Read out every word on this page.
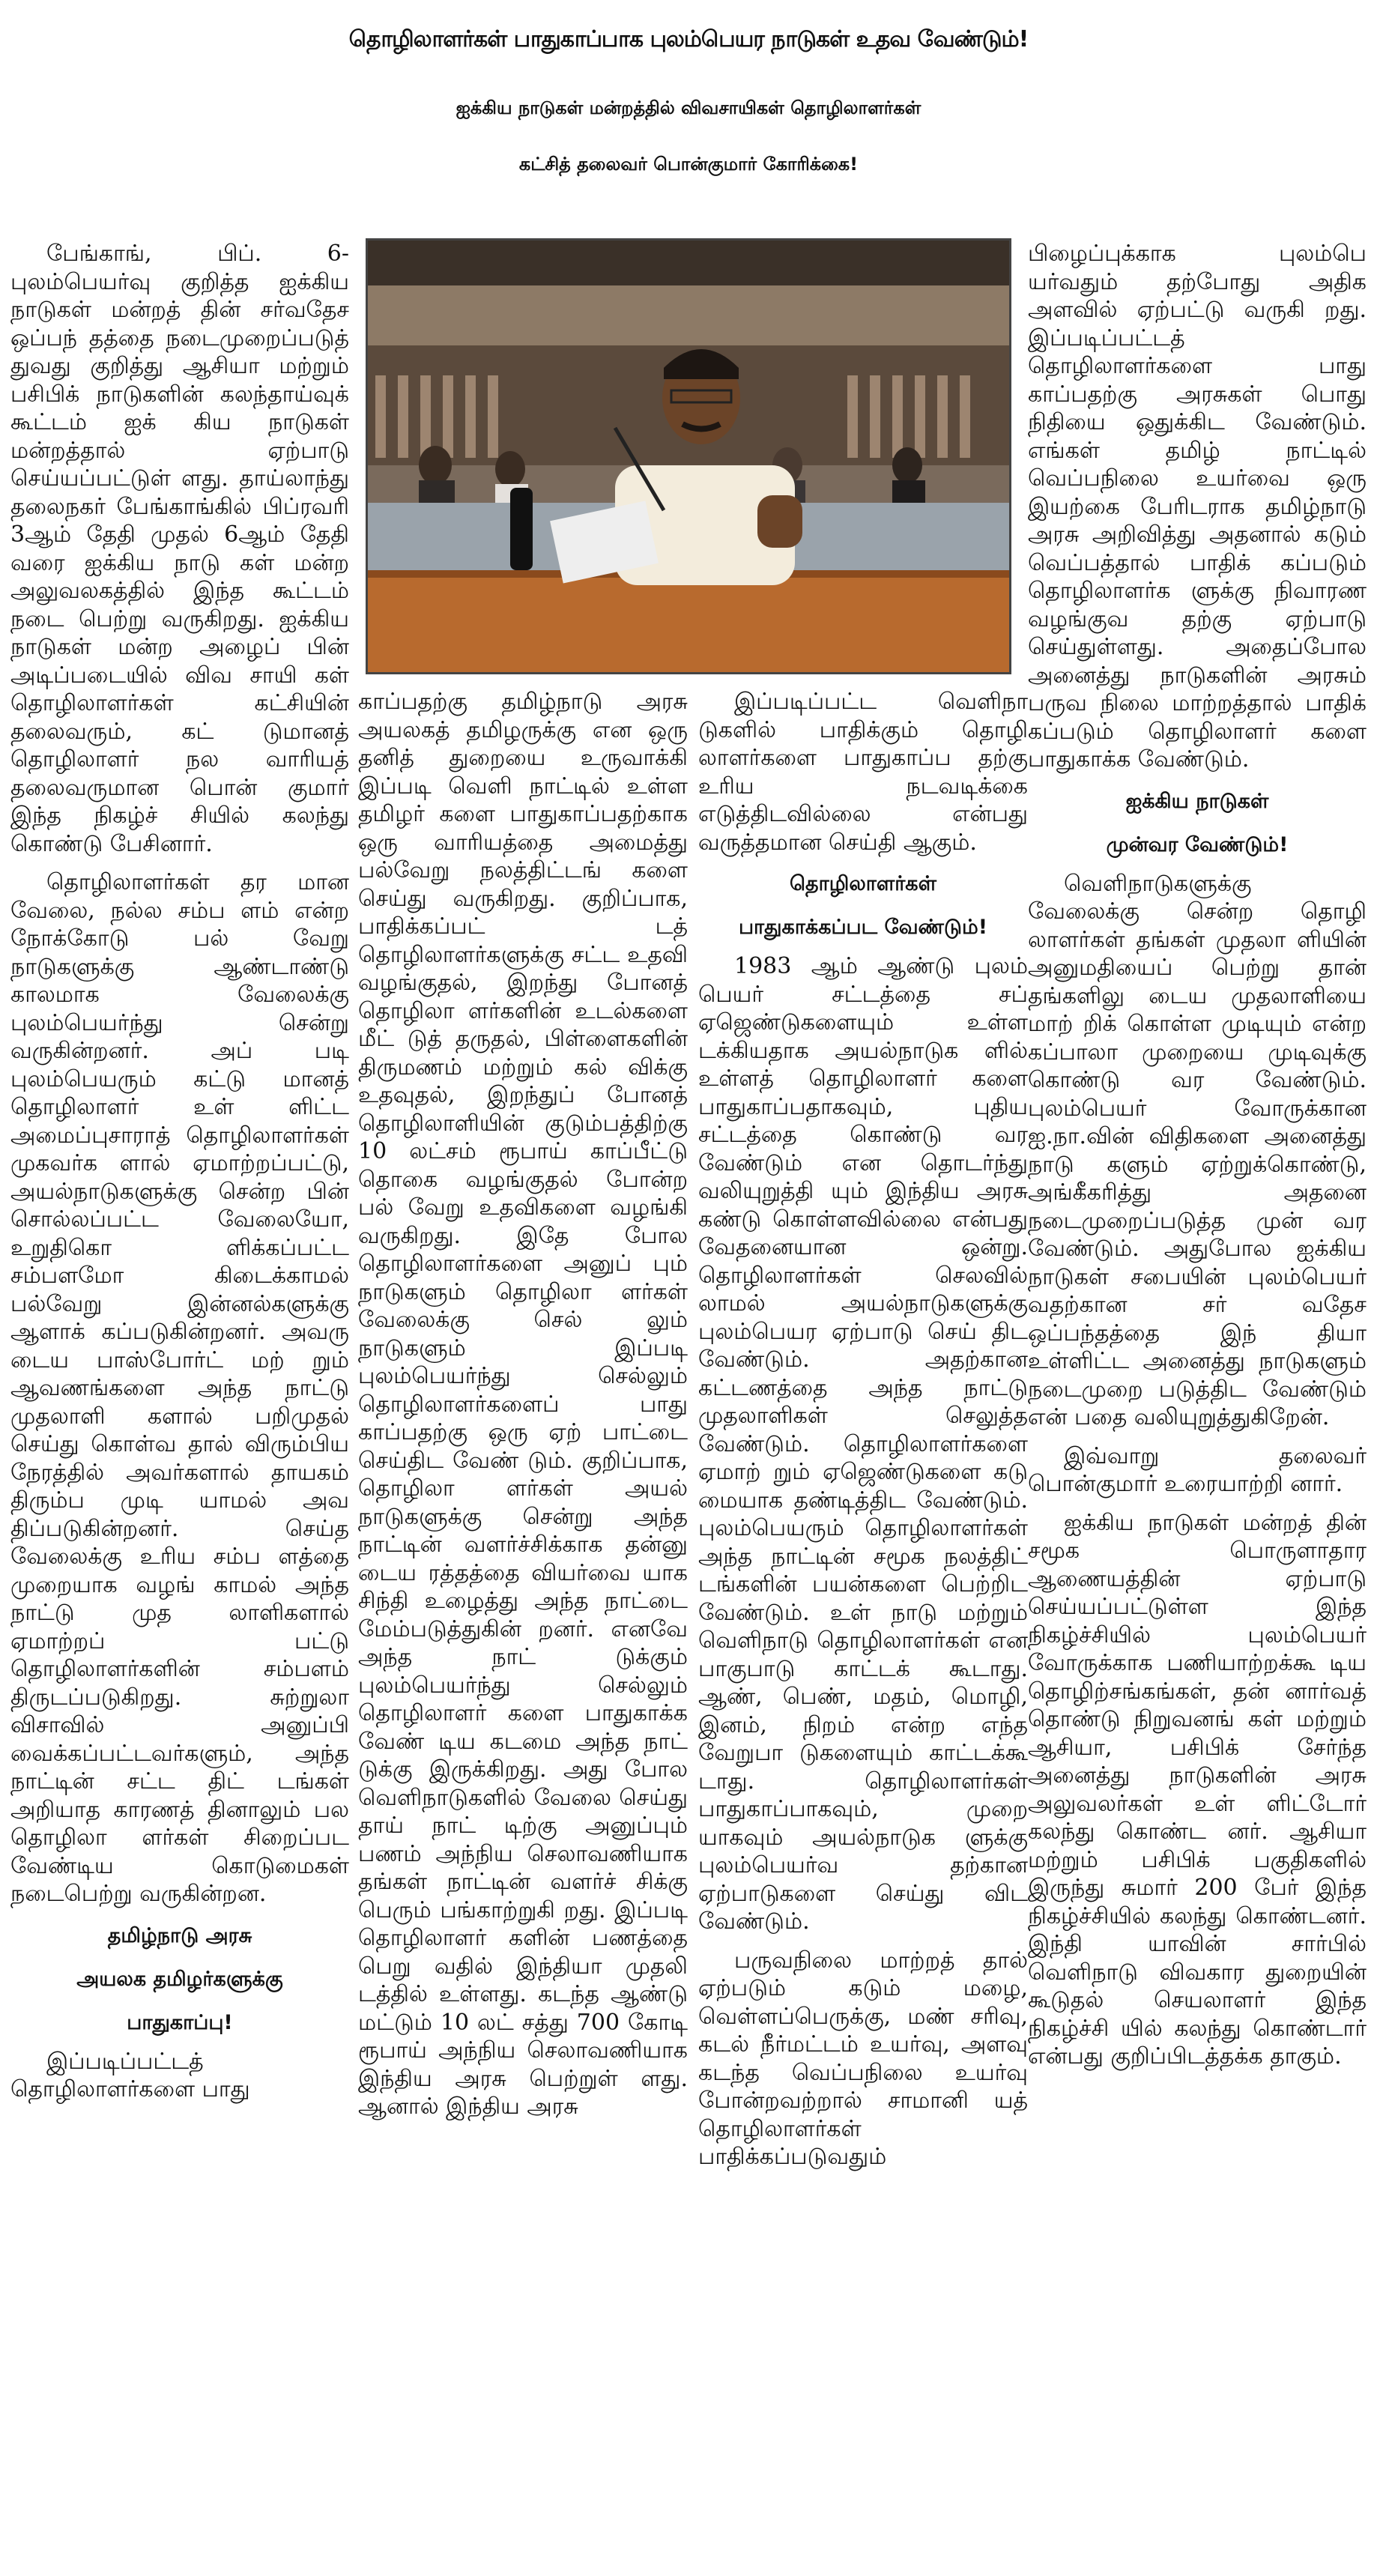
தொழிலாளர்கள் பாதுகாப்பாக புலம்பெயர நாடுகள் உதவ வேண்டும்!
ஐக்கிய நாடுகள் மன்றத்தில் விவசாயிகள் தொழிலாளர்கள்
கட்சித் தலைவர் பொன்குமார் கோரிக்கை!

பேங்காங், பிப். 6- புலம்பெயர்வு குறித்த ஐக்கிய நாடுகள் மன்றத் தின் சர்வதேச ஒப்பந் தத்தை நடைமுறைப்படுத் துவது குறித்து ஆசியா மற்றும் பசிபிக் நாடுகளின் கலந்தாய்வுக் கூட்டம் ஐக் கிய நாடுகள் மன்றத்தால் ஏற்பாடு செய்யப்பட்டுள் ளது. தாய்லாந்து தலைநகர் பேங்காங்கில் பிப்ரவரி 3ஆம் தேதி முதல் 6ஆம் தேதி வரை ஐக்கிய நாடு கள் மன்ற அலுவலகத்தில் இந்த கூட்டம் நடை பெற்று வருகிறது. ஐக்கிய நாடுகள் மன்ற அழைப் பின் அடிப்படையில் விவ சாயி கள் தொழிலாளர்கள் கட்சியின் தலைவரும், கட் டுமானத் தொழிலாளர் நல வாரியத் தலைவருமான பொன் குமார் இந்த நிகழ்ச் சியில் கலந்து கொண்டு பேசினார்.

தொழிலாளர்கள் தர மான வேலை, நல்ல சம்ப ளம் என்ற நோக்கோடு பல் வேறு நாடுகளுக்கு ஆண்டாண்டு காலமாக வேலைக்கு புலம்பெயர்ந்து சென்று வருகின்றனர். அப் படி புலம்பெயரும் கட்டு மானத் தொழிலாளர் உள் ளிட்ட அமைப்புசாராத் தொழிலாளர்கள் முகவர்க ளால் ஏமாற்றப்பட்டு, அயல்நாடுகளுக்கு சென்ற பின் சொல்லப்பட்ட வேலையோ, உறுதிகொ ளிக்கப்பட்ட சம்பளமோ கிடைக்காமல் பல்வேறு இன்னல்களுக்கு ஆளாக் கப்படுகின்றனர். அவரு டைய பாஸ்போர்ட் மற் றும் ஆவணங்களை அந்த நாட்டு முதலாளி களால் பறிமுதல் செய்து கொள்வ தால் விரும்பிய நேரத்தில் அவர்களால் தாயகம் திரும்ப முடி யாமல் அவ திப்படுகின்றனர். செய்த வேலைக்கு உரிய சம்ப ளத்தை முறையாக வழங் காமல் அந்த நாட்டு முத லாளிகளால் ஏமாற்றப் பட்டு தொழிலாளர்களின் சம்பளம் திருடப்படுகிறது. சுற்றுலா விசாவில் அனுப்பி வைக்கப்பட்டவர்களும், அந்த நாட்டின் சட்ட திட் டங்கள் அறியாத காரணத் தினாலும் பல தொழிலா ளர்கள் சிறைப்பட வேண்டிய கொடுமைகள் நடைபெற்று வருகின்றன.

தமிழ்நாடு அரசு
அயலக தமிழர்களுக்கு
பாதுகாப்பு!

இப்படிப்பட்டத் தொழிலாளர்களை பாது

காப்பதற்கு தமிழ்நாடு அரசு அயலகத் தமிழருக்கு என ஒரு தனித் துறையை உருவாக்கி இப்படி வெளி நாட்டில் உள்ள தமிழர் களை பாதுகாப்பதற்காக ஒரு வாரியத்தை அமைத்து பல்வேறு நலத்திட்டங் களை செய்து வருகிறது. குறிப்பாக, பாதிக்கப்பட் டத் தொழிலாளர்களுக்கு சட்ட உதவி வழங்குதல், இறந்து போனத் தொழிலா ளர்களின் உடல்களை மீட் டுத் தருதல், பிள்ளைகளின் திருமணம் மற்றும் கல் விக்கு உதவுதல், இறந்துப் போனத் தொழிலாளியின் குடும்பத்திற்கு 10 லட்சம் ரூபாய் காப்பீட்டு தொகை வழங்குதல் போன்ற பல் வேறு உதவிகளை வழங்கி வருகிறது. இதே போல தொழிலாளர்களை அனுப் பும் நாடுகளும் தொழிலா ளர்கள் வேலைக்கு செல் லும் நாடுகளும் இப்படி புலம்பெயர்ந்து செல்லும் தொழிலாளர்களைப் பாது காப்பதற்கு ஒரு ஏற் பாட்டை செய்திட வேண் டும். குறிப்பாக, தொழிலா ளர்கள் அயல் நாடுகளுக்கு சென்று அந்த நாட்டின் வளர்ச்சிக்காக தன்னு டைய ரத்தத்தை வியர்வை யாக சிந்தி உழைத்து அந்த நாட்டை மேம்படுத்துகின் றனர். எனவே அந்த நாட் டுக்கும் புலம்பெயர்ந்து செல்லும் தொழிலாளர் களை பாதுகாக்க வேண் டிய கடமை அந்த நாட் டுக்கு இருக்கிறது. அது போல வெளிநாடுகளில் வேலை செய்து தாய் நாட் டிற்கு அனுப்பும் பணம் அந்நிய செலாவணியாக தங்கள் நாட்டின் வளர்ச் சிக்கு பெரும் பங்காற்றுகி றது. இப்படி தொழிலாளர் களின் பணத்தை பெறு வதில் இந்தியா முதலி டத்தில் உள்ளது. கடந்த ஆண்டு மட்டும் 10 லட் சத்து 700 கோடி ரூபாய் அந்நிய செலாவணியாக இந்திய அரசு பெற்றுள் ளது. ஆனால் இந்திய அரசு

இப்படிப்பட்ட வெளிநா டுகளில் பாதிக்கும் தொழி லாளர்களை பாதுகாப்ப தற்கு உரிய நடவடிக்கை எடுத்திடவில்லை என்பது வருத்தமான செய்தி ஆகும்.

தொழிலாளர்கள்
பாதுகாக்கப்பட வேண்டும்!

1983 ஆம் ஆண்டு புலம் பெயர் சட்டத்தை சப் ஏஜெண்டுகளையும் உள்ள டக்கியதாக அயல்நாடுக ளில் உள்ளத் தொழிலாளர் களை பாதுகாப்பதாகவும், புதிய சட்டத்தை கொண்டு வர வேண்டும் என தொடர்ந்து வலியுறுத்தி யும் இந்திய அரசு கண்டு கொள்ளவில்லை என்பது வேதனையான ஒன்று. தொழிலாளர்கள் செலவில் லாமல் அயல்நாடுகளுக்கு புலம்பெயர ஏற்பாடு செய் திட வேண்டும். அதற்கான கட்டணத்தை அந்த நாட்டு முதலாளிகள் செலுத்த வேண்டும். தொழிலாளர்களை ஏமாற் றும் ஏஜெண்டுகளை கடு மையாக தண்டித்திட வேண்டும். புலம்பெயரும் தொழிலாளர்கள் அந்த நாட்டின் சமூக நலத்திட் டங்களின் பயன்களை பெற்றிட வேண்டும். உள் நாடு மற்றும் வெளிநாடு தொழிலாளர்கள் என பாகுபாடு காட்டக் கூடாது. ஆண், பெண், மதம், மொழி, இனம், நிறம் என்ற எந்த வேறுபா டுகளையும் காட்டக்கூ டாது. தொழிலாளர்கள் பாதுகாப்பாகவும், முறை யாகவும் அயல்நாடுக ளுக்கு புலம்பெயர்வ தற்கான ஏற்பாடுகளை செய்து விட வேண்டும்.

பருவநிலை மாற்றத் தால் ஏற்படும் கடும் மழை, வெள்ளப்பெருக்கு, மண் சரிவு, கடல் நீர்மட்டம் உயர்வு, அளவு கடந்த வெப்பநிலை உயர்வு போன்றவற்றால் சாமானி யத் தொழிலாளர்கள் பாதிக்கப்படுவதும்

பிழைப்புக்காக புலம்பெ யர்வதும் தற்போது அதிக அளவில் ஏற்பட்டு வருகி றது. இப்படிப்பட்டத் தொழிலாளர்களை பாது காப்பதற்கு அரசுகள் பொது நிதியை ஒதுக்கிட வேண்டும். எங்கள் தமிழ் நாட்டில் வெப்பநிலை உயர்வை ஒரு இயற்கை பேரிடராக தமிழ்நாடு அரசு அறிவித்து அதனால் கடும் வெப்பத்தால் பாதிக் கப்படும் தொழிலாளர்க ளுக்கு நிவாரண வழங்குவ தற்கு ஏற்பாடு செய்துள்ளது. அதைப்போல அனைத்து நாடுகளின் அரசும் பருவ நிலை மாற்றத்தால் பாதிக் கப்படும் தொழிலாளர் களை பாதுகாக்க வேண்டும்.

ஐக்கிய நாடுகள்
முன்வர வேண்டும்!

வெளிநாடுகளுக்கு வேலைக்கு சென்ற தொழி லாளர்கள் தங்கள் முதலா ளியின் அனுமதியைப் பெற்று தான் தங்களிலு டைய முதலாளியை மாற் றிக் கொள்ள முடியும் என்ற கப்பாலா முறையை முடிவுக்கு கொண்டு வர வேண்டும். புலம்பெயர் வோருக்கான ஐ.நா.வின் விதிகளை அனைத்து நாடு களும் ஏற்றுக்கொண்டு, அங்கீகரித்து அதனை நடைமுறைப்படுத்த முன் வர வேண்டும். அதுபோல ஐக்கிய நாடுகள் சபையின் புலம்பெயர் வதற்கான சர் வதேச ஒப்பந்தத்தை இந் தியா உள்ளிட்ட அனைத்து நாடுகளும் நடைமுறை படுத்திட வேண்டும் என் பதை வலியுறுத்துகிறேன்.

இவ்வாறு தலைவர் பொன்குமார் உரையாற்றி னார்.

ஐக்கிய நாடுகள் மன்றத் தின் சமூக பொருளாதார ஆணையத்தின் ஏற்பாடு செய்யப்பட்டுள்ள இந்த நிகழ்ச்சியில் புலம்பெயர் வோருக்காக பணியாற்றக்கூ டிய தொழிற்சங்கங்கள், தன் னார்வத் தொண்டு நிறுவனங் கள் மற்றும் ஆசியா, பசிபிக் சேர்ந்த அனைத்து நாடுகளின் அரசு அலுவலர்கள் உள் ளிட்டோர் கலந்து கொண்ட னர். ஆசியா மற்றும் பசிபிக் பகுதிகளில் இருந்து சுமார் 200 பேர் இந்த நிகழ்ச்சியில் கலந்து கொண்டனர். இந்தி யாவின் சார்பில் வெளிநாடு விவகார துறையின் கூடுதல் செயலாளர் இந்த நிகழ்ச்சி யில் கலந்து கொண்டார் என்பது குறிப்பிடத்தக்க தாகும்.
